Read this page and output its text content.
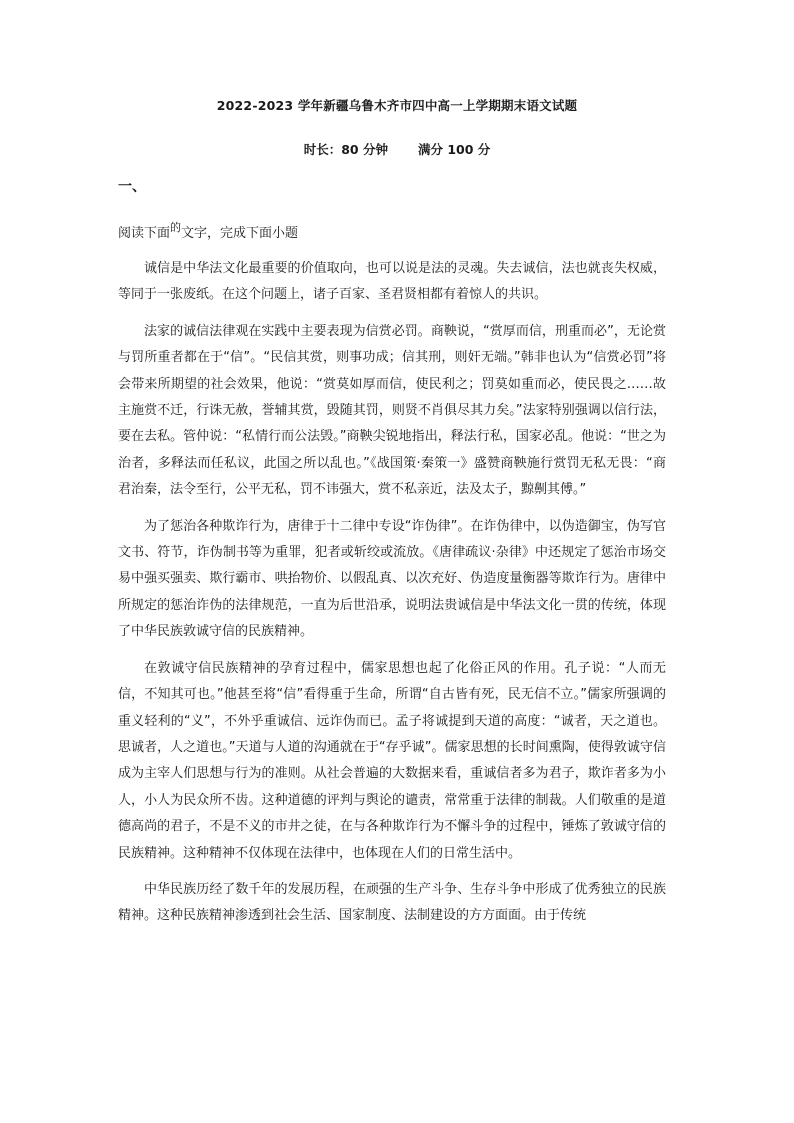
2022-2023 学年新疆乌鲁木齐市四中高一上学期期末语文试题
时长：80 分钟 满分 100 分
一、
阅读下面$^的$文字，完成下面小题

诚信是中华法文化最重要的价值取向，也可以说是法的灵魂。失去诚信，法也就丧失权威，等同于一张废纸。在这个问题上，诸子百家、圣君贤相都有着惊人的共识。

法家的诚信法律观在实践中主要表现为信赏必罚。商鞅说，“赏厚而信，刑重而必”，无论赏与罚所重者都在于“信”。“民信其赏，则事功成；信其刑，则奸无端。”韩非也认为“信赏必罚”将会带来所期望的社会效果，他说：“赏莫如厚而信，使民利之；罚莫如重而必，使民畏之……故主施赏不迁，行诛无赦，誉辅其赏，毁随其罚，则贤不肖俱尽其力矣。”法家特别强调以信行法，要在去私。管仲说：“私情行而公法毁。”商鞅尖锐地指出，释法行私，国家必乱。他说：“世之为治者，多释法而任私议，此国之所以乱也。”《战国策·秦策一》盛赞商鞅施行赏罚无私无畏：“商君治秦，法令至行，公平无私，罚不讳强大，赏不私亲近，法及太子，黥劓其傅。”

为了惩治各种欺诈行为，唐律于十二律中专设“诈伪律”。在诈伪律中，以伪造御宝，伪写官文书、符节，诈伪制书等为重罪，犯者或斩绞或流放。《唐律疏议·杂律》中还规定了惩治市场交易中强买强卖、欺行霸市、哄抬物价、以假乱真、以次充好、伪造度量衡器等欺诈行为。唐律中所规定的惩治诈伪的法律规范，一直为后世沿承，说明法贵诚信是中华法文化一贯的传统，体现了中华民族敦诚守信的民族精神。

在敦诚守信民族精神的孕育过程中，儒家思想也起了化俗正风的作用。孔子说：“人而无信，不知其可也。”他甚至将“信”看得重于生命，所谓“自古皆有死，民无信不立。”儒家所强调的重义轻利的“义”，不外乎重诚信、远诈伪而已。孟子将诚提到天道的高度：“诚者，天之道也。思诚者，人之道也。”天道与人道的沟通就在于“存乎诚”。儒家思想的长时间熏陶，使得敦诚守信成为主宰人们思想与行为的准则。从社会普遍的大数据来看，重诚信者多为君子，欺诈者多为小人，小人为民众所不齿。这种道德的评判与舆论的谴责，常常重于法律的制裁。人们敬重的是道德高尚的君子，不是不义的市井之徒，在与各种欺诈行为不懈斗争的过程中，锤炼了敦诚守信的民族精神。这种精神不仅体现在法律中，也体现在人们的日常生活中。

中华民族历经了数千年的发展历程，在顽强的生产斗争、生存斗争中形成了优秀独立的民族精神。这种民族精神渗透到社会生活、国家制度、法制建设的方方面面。由于传统
